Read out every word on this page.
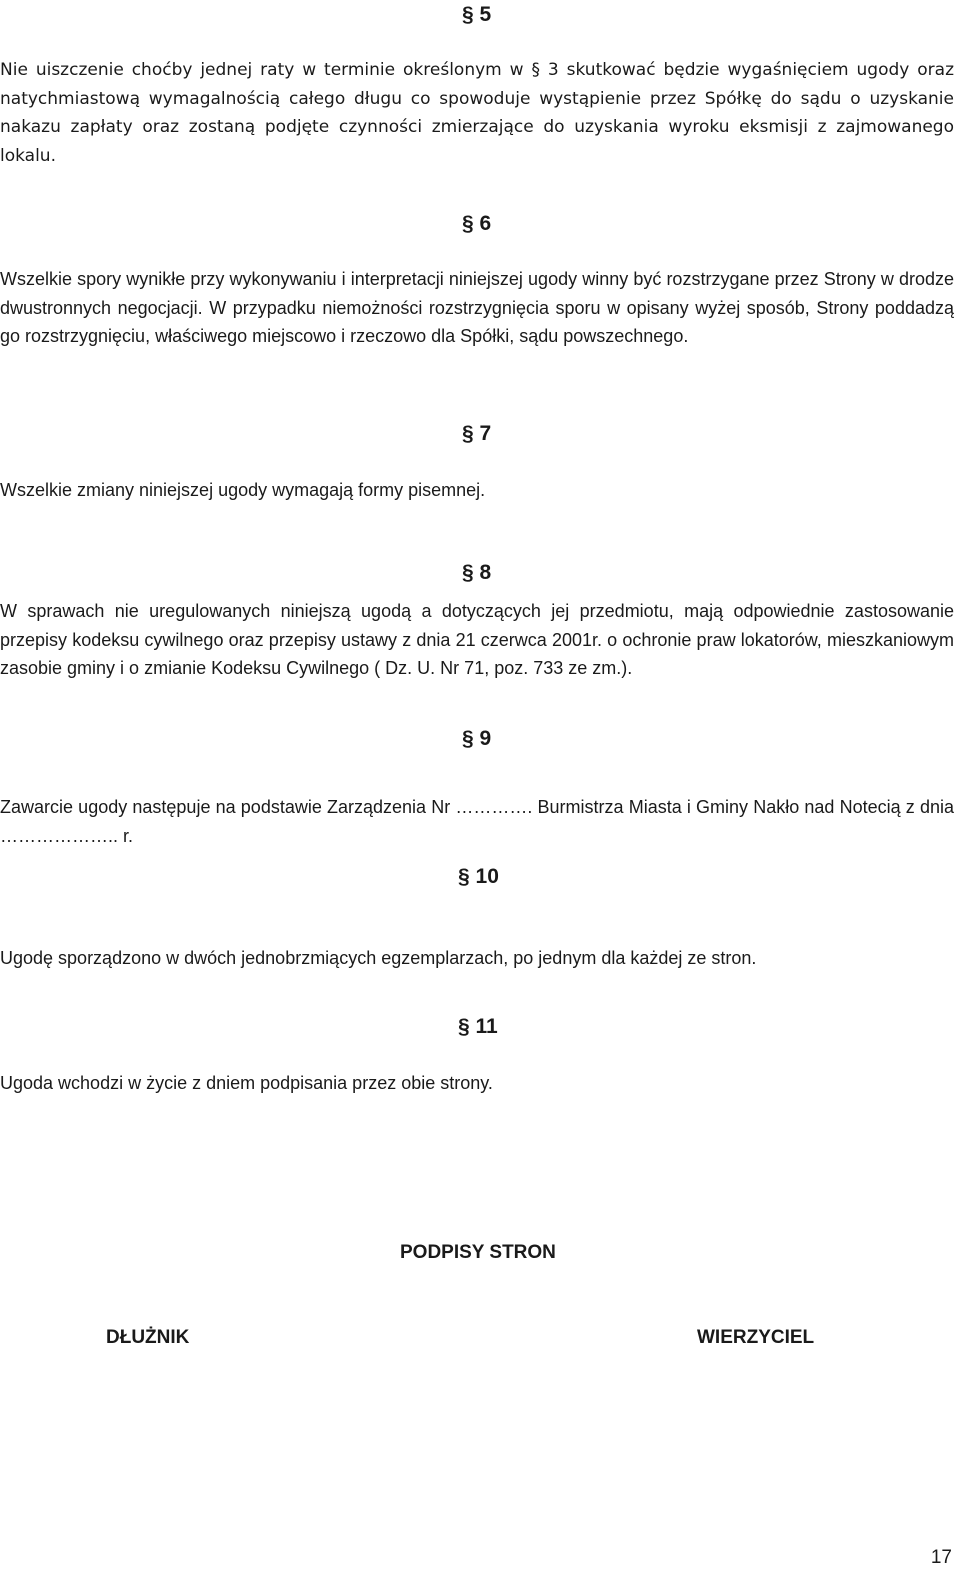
§ 5

Nie uiszczenie choćby jednej raty w terminie określonym w § 3 skutkować będzie wygaśnięciem ugody oraz natychmiastową wymagalnością całego długu co spowoduje wystąpienie przez Spółkę do sądu o uzyskanie nakazu zapłaty oraz zostaną podjęte czynności zmierzające do uzyskania wyroku eksmisji z zajmowanego lokalu.

§ 6

Wszelkie spory wynikłe przy wykonywaniu i interpretacji niniejszej ugody winny być rozstrzygane przez Strony w drodze dwustronnych negocjacji. W przypadku niemożności rozstrzygnięcia sporu w opisany wyżej sposób, Strony poddadzą go rozstrzygnięciu, właściwego miejscowo i rzeczowo dla Spółki, sądu powszechnego.

§ 7
Wszelkie zmiany niniejszej ugody wymagają formy pisemnej.
§ 8

W sprawach nie uregulowanych niniejszą ugodą a dotyczących jej przedmiotu, mają odpowiednie zastosowanie przepisy kodeksu cywilnego oraz przepisy ustawy z dnia 21 czerwca 2001r. o ochronie praw lokatorów, mieszkaniowym zasobie gminy i o zmianie Kodeksu Cywilnego ( Dz. U. Nr 71, poz. 733 ze zm.).

§ 9

Zawarcie ugody następuje na podstawie Zarządzenia Nr …………. Burmistrza Miasta i Gminy Nakło nad Notecią z dnia ……………….. r.

§ 10
Ugodę sporządzono w dwóch jednobrzmiących egzemplarzach, po jednym dla każdej ze stron.
§ 11
Ugoda wchodzi w życie z dniem podpisania przez obie strony.
PODPISY STRON
DŁUŻNIK	WIERZYCIEL
17
